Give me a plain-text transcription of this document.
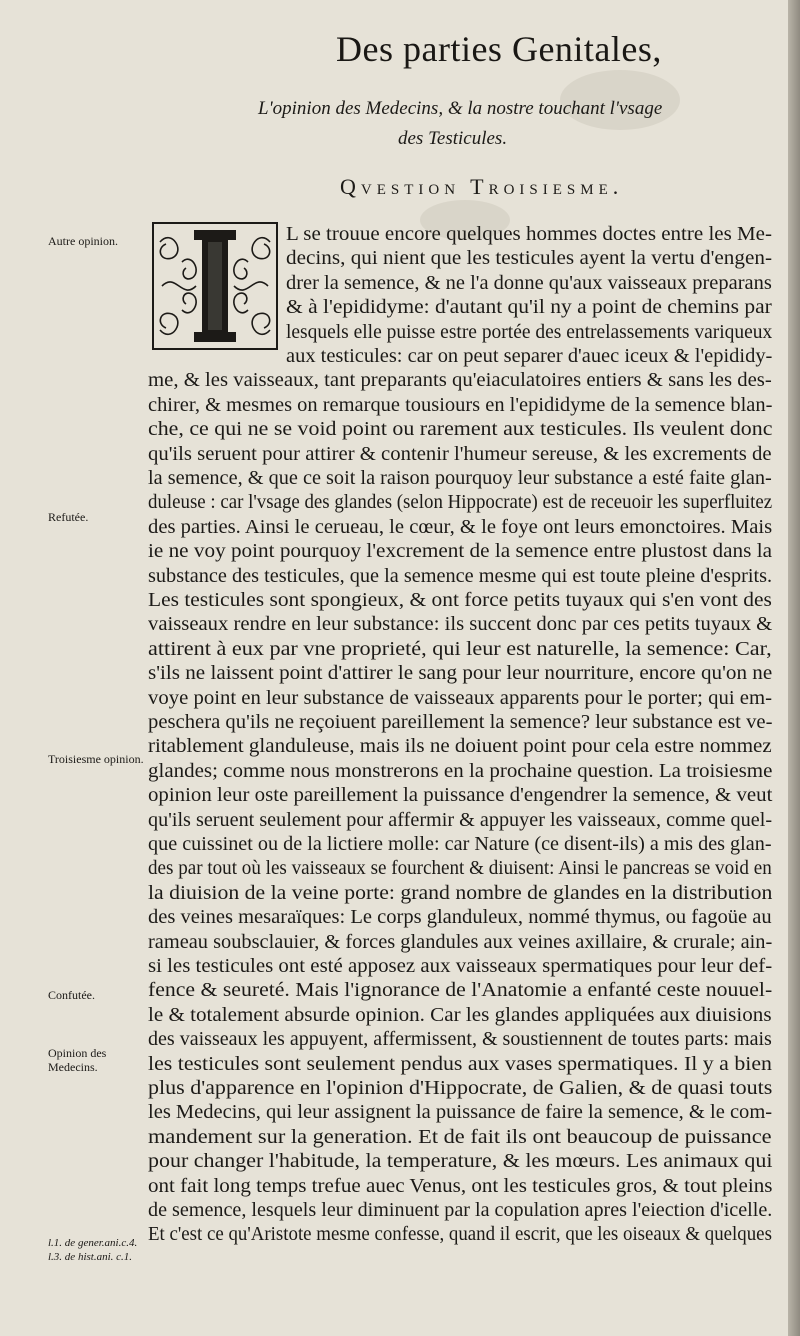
Des parties Genitales,
L'opinion des Medecins, & la nostre touchant l'vsage
des Testicules.
Qvestion Troisiesme.
Autre opinion.
Refutée.
Troisiesme opinion.
Confutée.
Opinion des Medecins.
l.1. de gener.ani.c.4. l.3. de hist.ani. c.1.
L se trouue encore quelques hommes doctes entre les Me-
decins, qui nient que les testicules ayent la vertu d'engen-
drer la semence, & ne l'a donne qu'aux vaisseaux preparans
& à l'epididyme: d'autant qu'il ny a point de chemins par
lesquels elle puisse estre portée des entrelassements variqueux
aux testicules: car on peut separer d'auec iceux & l'epididy-
me, & les vaisseaux, tant preparants qu'eiaculatoires entiers & sans les des-
chirer, & mesmes on remarque tousiours en l'epididyme de la semence blan-
che, ce qui ne se void point ou rarement aux testicules. Ils veulent donc
qu'ils seruent pour attirer & contenir l'humeur sereuse, & les excrements de
la semence, & que ce soit la raison pourquoy leur substance a esté faite glan-
duleuse : car l'vsage des glandes (selon Hippocrate) est de receuoir les superfluitez
des parties. Ainsi le cerueau, le cœur, & le foye ont leurs emonctoires. Mais
ie ne voy point pourquoy l'excrement de la semence entre plustost dans la
substance des testicules, que la semence mesme qui est toute pleine d'esprits.
Les testicules sont spongieux, & ont force petits tuyaux qui s'en vont des
vaisseaux rendre en leur substance: ils succent donc par ces petits tuyaux &
attirent à eux par vne proprieté, qui leur est naturelle, la semence: Car,
s'ils ne laissent point d'attirer le sang pour leur nourriture, encore qu'on ne
voye point en leur substance de vaisseaux apparents pour le porter; qui em-
peschera qu'ils ne reçoiuent pareillement la semence? leur substance est ve-
ritablement glanduleuse, mais ils ne doiuent point pour cela estre nommez
glandes; comme nous monstrerons en la prochaine question. La troisiesme
opinion leur oste pareillement la puissance d'engendrer la semence, & veut
qu'ils seruent seulement pour affermir & appuyer les vaisseaux, comme quel-
que cuissinet ou de la lictiere molle: car Nature (ce disent-ils) a mis des glan-
des par tout où les vaisseaux se fourchent & diuisent: Ainsi le pancreas se void en
la diuision de la veine porte: grand nombre de glandes en la distribution
des veines mesaraïques: Le corps glanduleux, nommé thymus, ou fagoüe au
rameau soubsclauier, & forces glandules aux veines axillaire, & crurale; ain-
si les testicules ont esté apposez aux vaisseaux spermatiques pour leur def-
fence & seureté. Mais l'ignorance de l'Anatomie a enfanté ceste nouuel-
le & totalement absurde opinion. Car les glandes appliquées aux diuisions
des vaisseaux les appuyent, affermissent, & soustiennent de toutes parts: mais
les testicules sont seulement pendus aux vases spermatiques. Il y a bien
plus d'apparence en l'opinion d'Hippocrate, de Galien, & de quasi touts
les Medecins, qui leur assignent la puissance de faire la semence, & le com-
mandement sur la generation. Et de fait ils ont beaucoup de puissance
pour changer l'habitude, la temperature, & les mœurs. Les animaux qui
ont fait long temps trefue auec Venus, ont les testicules gros, & tout pleins
de semence, lesquels leur diminuent par la copulation apres l'eiection d'icelle.
Et c'est ce qu'Aristote mesme confesse, quand il escrit, que les oiseaux & quelques
